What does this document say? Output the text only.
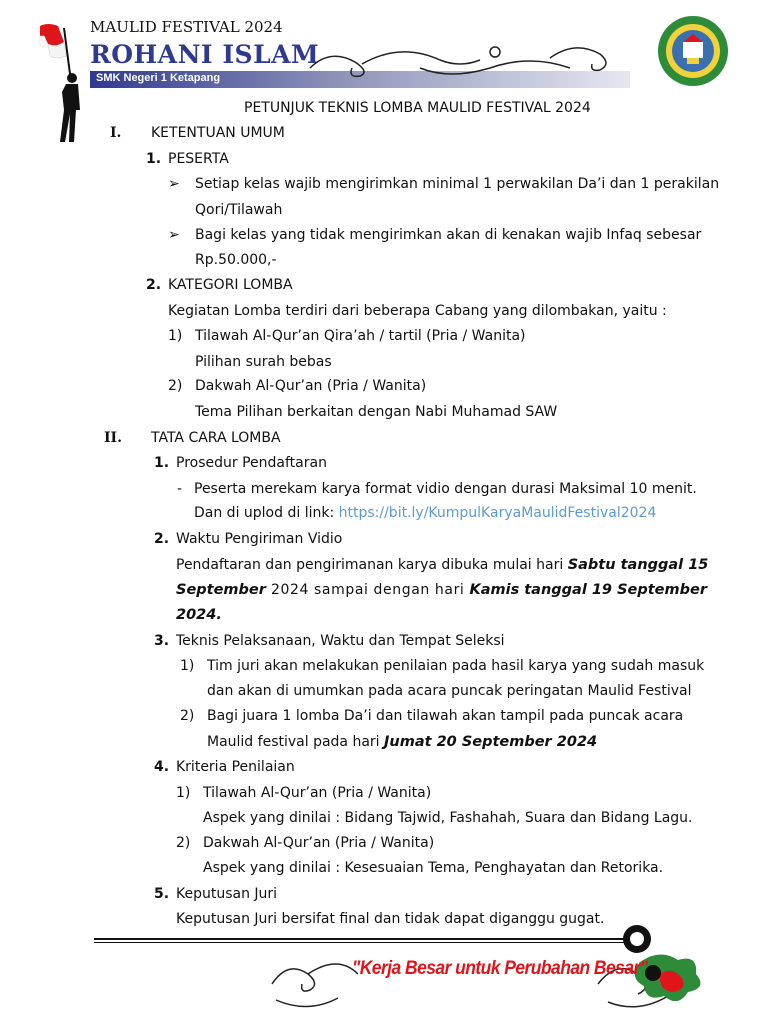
MAULID FESTIVAL 2024
ROHANI ISLAM
SMK Negeri 1 Ketapang
PETUNJUK TEKNIS LOMBA MAULID FESTIVAL 2024
I. KETENTUAN UMUM
1. PESERTA
➢ Setiap kelas wajib mengirimkan minimal 1 perwakilan Da’i dan 1 perakilan
Qori/Tilawah
➢ Bagi kelas yang tidak mengirimkan akan di kenakan wajib Infaq sebesar
Rp.50.000,-
2. KATEGORI LOMBA
Kegiatan Lomba terdiri dari beberapa Cabang yang dilombakan, yaitu :
1) Tilawah Al-Qur’an Qira’ah / tartil (Pria / Wanita)
Pilihan surah bebas
2) Dakwah Al-Qur’an (Pria / Wanita)
Tema Pilihan berkaitan dengan Nabi Muhamad SAW
II. TATA CARA LOMBA
1. Prosedur Pendaftaran
- Peserta merekam karya format vidio dengan durasi Maksimal 10 menit.
Dan di uplod di link: https://bit.ly/KumpulKaryaMaulidFestival2024
2. Waktu Pengiriman Vidio
Pendaftaran dan pengirimanan karya dibuka mulai hari Sabtu tanggal 15
September 2024 sampai dengan hari Kamis tanggal 19 September
2024.
3. Teknis Pelaksanaan, Waktu dan Tempat Seleksi
1) Tim juri akan melakukan penilaian pada hasil karya yang sudah masuk
dan akan di umumkan pada acara puncak peringatan Maulid Festival
2) Bagi juara 1 lomba Da’i dan tilawah akan tampil pada puncak acara
Maulid festival pada hari Jumat 20 September 2024
4. Kriteria Penilaian
1) Tilawah Al-Qur’an (Pria / Wanita)
Aspek yang dinilai : Bidang Tajwid, Fashahah, Suara dan Bidang Lagu.
2) Dakwah Al-Qur’an (Pria / Wanita)
Aspek yang dinilai : Kesesuaian Tema, Penghayatan dan Retorika.
5. Keputusan Juri
Keputusan Juri bersifat final dan tidak dapat diganggu gugat.
"Kerja Besar untuk Perubahan Besar"
